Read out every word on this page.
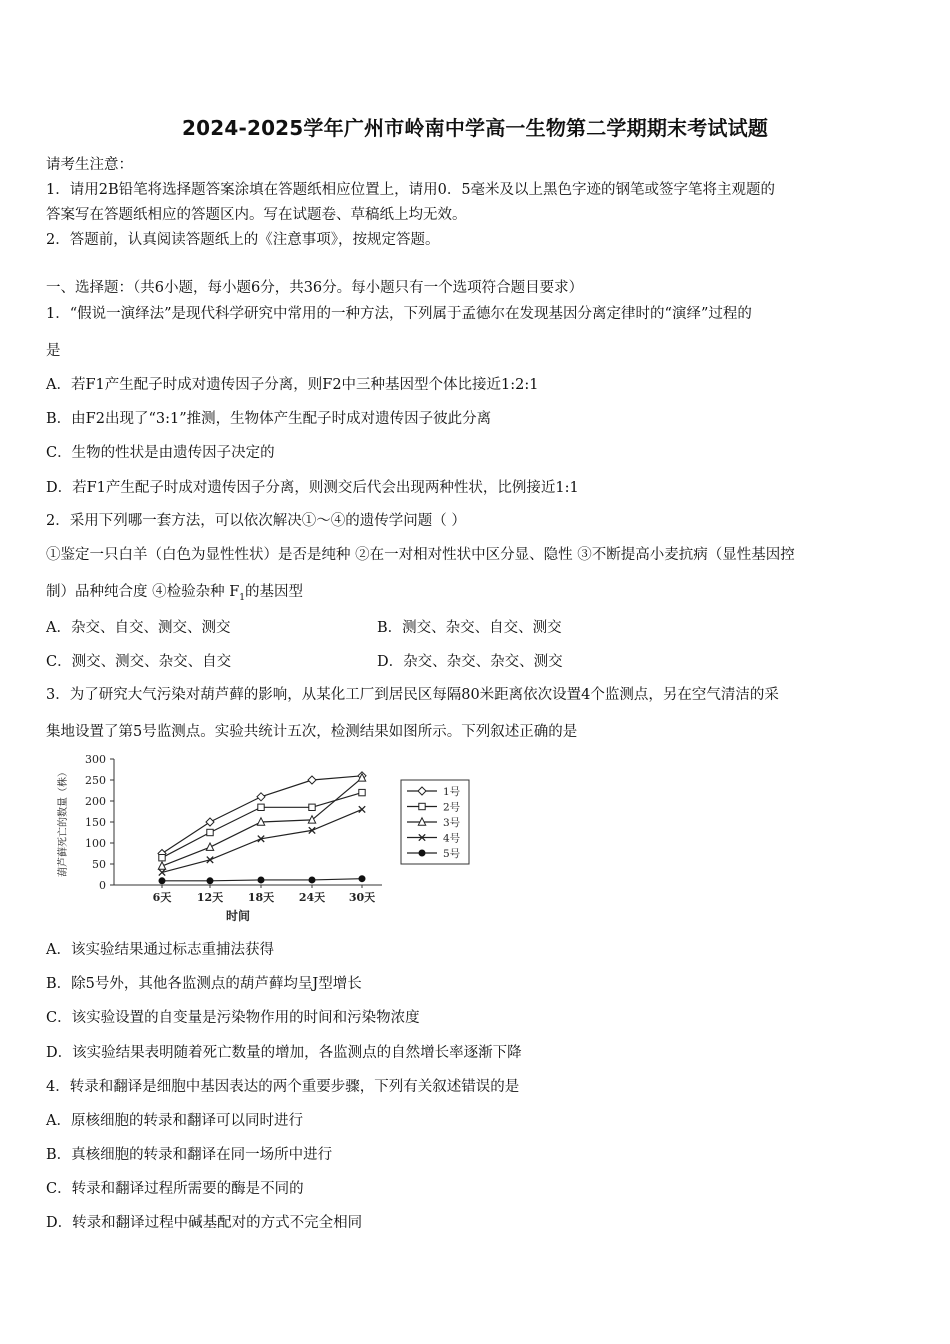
2024-2025学年广州市岭南中学高一生物第二学期期末考试试题
请考生注意：
1．请用2B铅笔将选择题答案涂填在答题纸相应位置上，请用0．5毫米及以上黑色字迹的钢笔或签字笔将主观题的
答案写在答题纸相应的答题区内。写在试题卷、草稿纸上均无效。
2．答题前，认真阅读答题纸上的《注意事项》，按规定答题。
一、选择题：（共6小题，每小题6分，共36分。每小题只有一个选项符合题目要求）
1．“假说一演绎法”是现代科学研究中常用的一种方法，下列属于孟德尔在发现基因分离定律时的“演绎”过程的
是
A．若F1产生配子时成对遗传因子分离，则F2中三种基因型个体比接近1:2:1
B．由F2出现了“3:1”推测，生物体产生配子时成对遗传因子彼此分离
C．生物的性状是由遗传因子决定的
D．若F1产生配子时成对遗传因子分离，则测交后代会出现两种性状，比例接近1:1
2．采用下列哪一套方法，可以依次解决①～④的遗传学问题（ ）
①鉴定一只白羊（白色为显性性状）是否是纯种 ②在一对相对性状中区分显、隐性 ③不断提高小麦抗病（显性基因控
制）品种纯合度 ④检验杂种 $F_1$的基因型
A．杂交、自交、测交、测交	B．测交、杂交、自交、测交
C．测交、测交、杂交、自交	D．杂交、杂交、杂交、测交
3．为了研究大气污染对葫芦藓的影响，从某化工厂到居民区每隔80米距离依次设置4个监测点，另在空气清洁的采
集地设置了第5号监测点。实验共统计五次，检测结果如图所示。下列叙述正确的是
0
50
100
150
200
250
300
6天 12天 18天 24天 30天
时间
葫芦藓死亡的数量（株）	1号
2号
3号
4号
5号
A．该实验结果通过标志重捕法获得
B．除5号外，其他各监测点的葫芦藓均呈J型增长
C．该实验设置的自变量是污染物作用的时间和污染物浓度
D．该实验结果表明随着死亡数量的增加，各监测点的自然增长率逐渐下降
4．转录和翻译是细胞中基因表达的两个重要步骤，下列有关叙述错误的是
A．原核细胞的转录和翻译可以同时进行
B．真核细胞的转录和翻译在同一场所中进行
C．转录和翻译过程所需要的酶是不同的
D．转录和翻译过程中碱基配对的方式不完全相同
